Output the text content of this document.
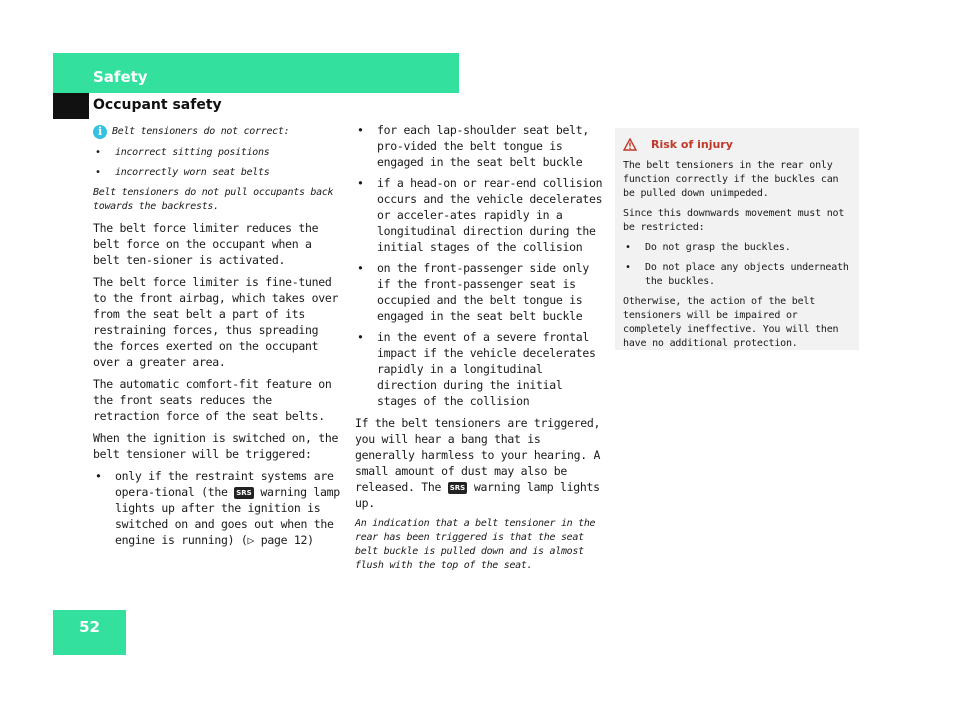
Safety
Occupant safety
i	Belt tensioners do not correct:
• incorrect sitting positions
• incorrectly worn seat belts

Belt tensioners do not pull occupants back towards the backrests.

The belt force limiter reduces the belt force on the occupant when a belt ten-sioner is activated.

The belt force limiter is fine-tuned to the front airbag, which takes over from the seat belt a part of its restraining forces, thus spreading the forces exerted on the occupant over a greater area.

The automatic comfort-fit feature on the front seats reduces the retraction force of the seat belts.

When the ignition is switched on, the belt tensioner will be triggered:

• only if the restraint systems are opera-tional (the SRS warning lamp lights up after the ignition is switched on and goes out when the engine is running) (▷ page 12)
• for each lap-shoulder seat belt, pro-vided the belt tongue is engaged in the seat belt buckle
• if a head-on or rear-end collision occurs and the vehicle decelerates or acceler-ates rapidly in a longitudinal direction during the initial stages of the collision
• on the front-passenger side only if the front-passenger seat is occupied and the belt tongue is engaged in the seat belt buckle
• in the event of a severe frontal impact if the vehicle decelerates rapidly in a longitudinal direction during the initial stages of the collision

If the belt tensioners are triggered, you will hear a bang that is generally harmless to your hearing. A small amount of dust may also be released. The SRS warning lamp lights up.

An indication that a belt tensioner in the rear has been triggered is that the seat belt buckle is pulled down and is almost flush with the top of the seat.

Risk of injury

The belt tensioners in the rear only function correctly if the buckles can be pulled down unimpeded.

Since this downwards movement must not be restricted:

• Do not grasp the buckles.
• Do not place any objects underneath the buckles.

Otherwise, the action of the belt tensioners will be impaired or completely ineffective. You will then have no additional protection.

52
